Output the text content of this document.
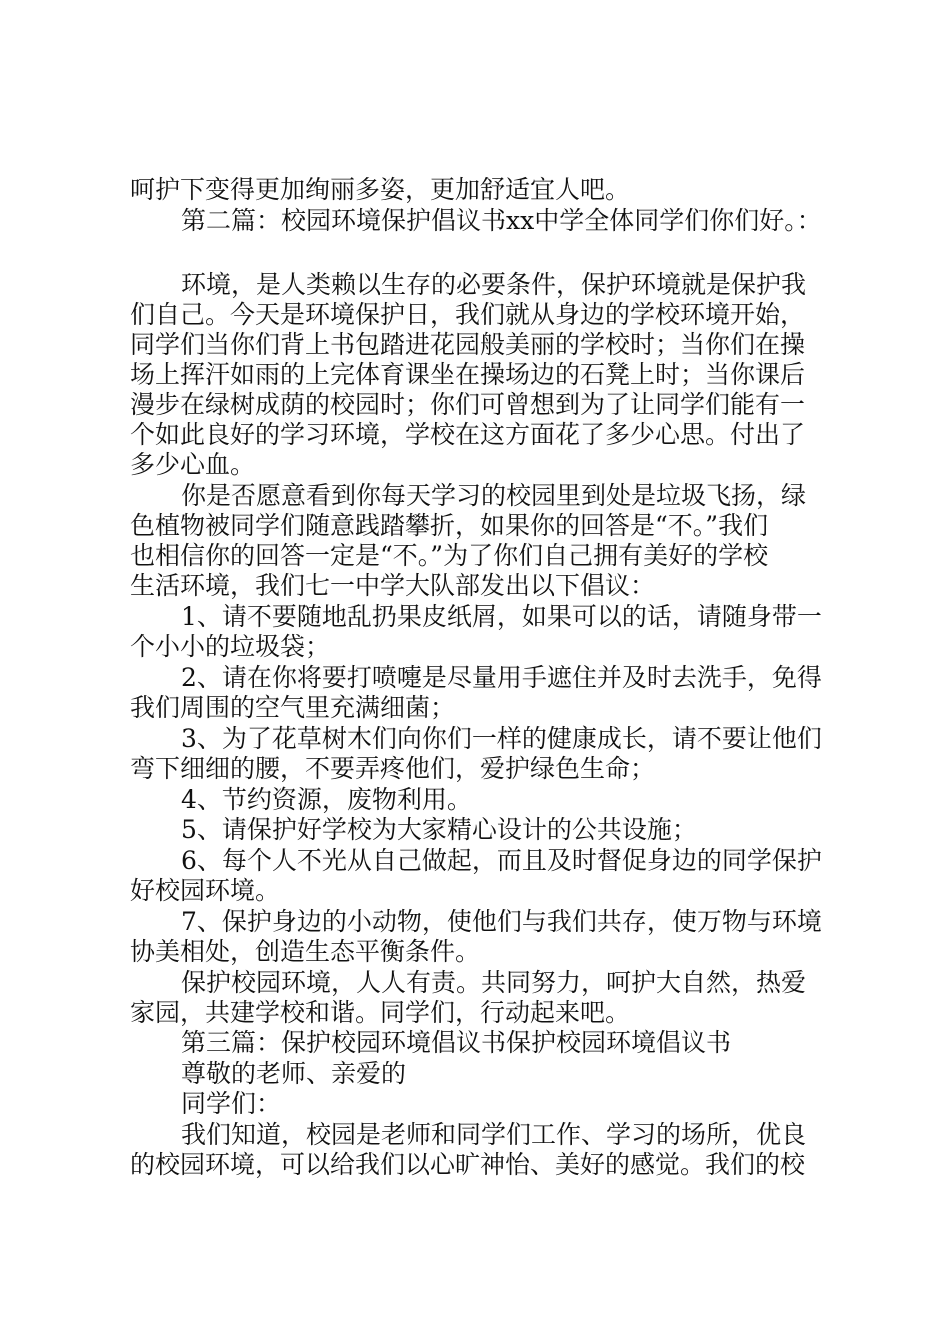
呵护下变得更加绚丽多姿，更加舒适宜人吧。
第二篇：校园环境保护倡议书xx中学全体同学们你们好。：
环境，是人类赖以生存的必要条件，保护环境就是保护我
们自己。今天是环境保护日，我们就从身边的学校环境开始，
同学们当你们背上书包踏进花园般美丽的学校时；当你们在操
场上挥汗如雨的上完体育课坐在操场边的石凳上时；当你课后
漫步在绿树成荫的校园时；你们可曾想到为了让同学们能有一
个如此良好的学习环境，学校在这方面花了多少心思。付出了
多少心血。
你是否愿意看到你每天学习的校园里到处是垃圾飞扬，绿
色植物被同学们随意践踏攀折，如果你的回答是“不。”我们
也相信你的回答一定是“不。”为了你们自己拥有美好的学校
生活环境，我们七一中学大队部发出以下倡议：
1、请不要随地乱扔果皮纸屑，如果可以的话，请随身带一
个小小的垃圾袋；
2、请在你将要打喷嚏是尽量用手遮住并及时去洗手，免得
我们周围的空气里充满细菌；
3、为了花草树木们向你们一样的健康成长，请不要让他们
弯下细细的腰，不要弄疼他们，爱护绿色生命；
4、节约资源，废物利用。
5、请保护好学校为大家精心设计的公共设施；
6、每个人不光从自己做起，而且及时督促身边的同学保护
好校园环境。
7、保护身边的小动物，使他们与我们共存，使万物与环境
协美相处，创造生态平衡条件。
保护校园环境，人人有责。共同努力，呵护大自然，热爱
家园，共建学校和谐。同学们，行动起来吧。
第三篇：保护校园环境倡议书保护校园环境倡议书
尊敬的老师、亲爱的
同学们：
我们知道，校园是老师和同学们工作、学习的场所，优良
的校园环境，可以给我们以心旷神怡、美好的感觉。我们的校
